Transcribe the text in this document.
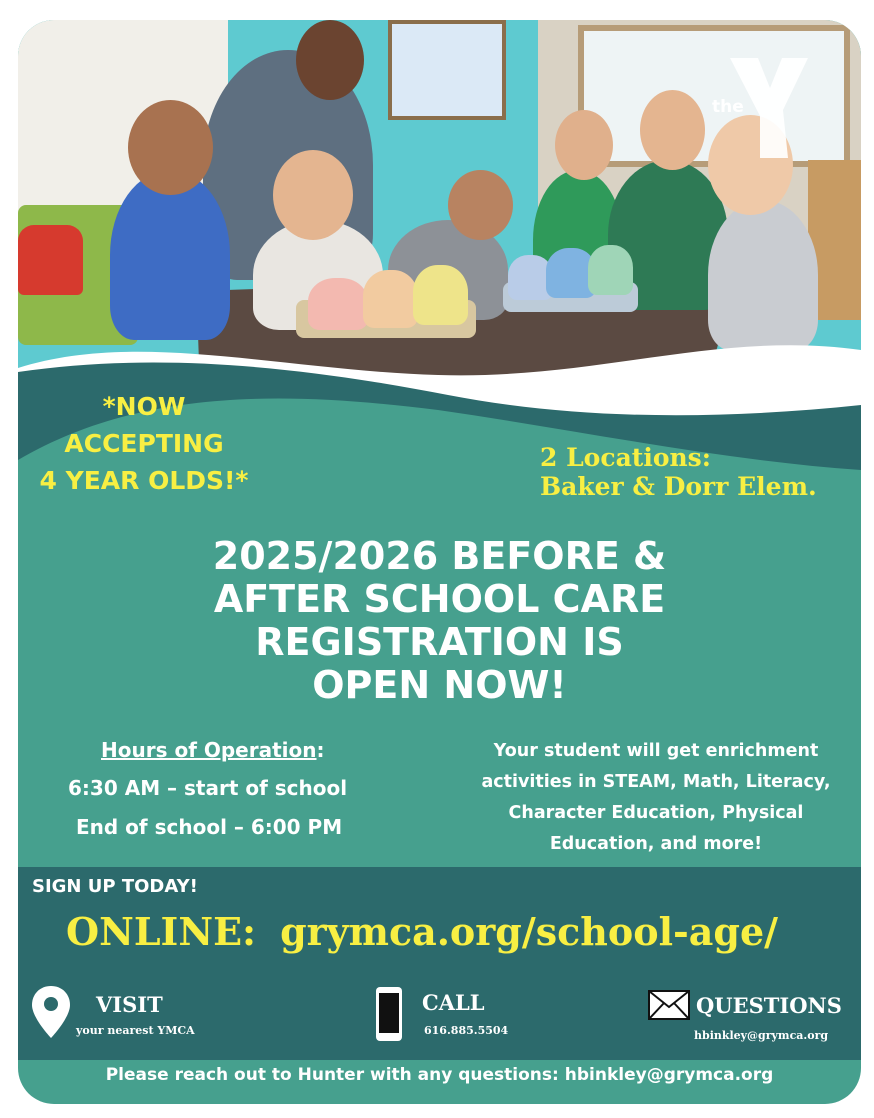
the
*NOW
ACCEPTING
4 YEAR OLDS!*
2 Locations:
Baker & Dorr Elem.
2025/2026 BEFORE &
AFTER SCHOOL CARE
REGISTRATION IS
OPEN NOW!
Hours of Operation:
6:30 AM – start of school
End of school – 6:00 PM
Your student will get enrichment
activities in STEAM, Math, Literacy,
Character Education, Physical
Education, and more!
SIGN UP TODAY!
ONLINE: grymca.org/school-age/
VISIT
your nearest YMCA
CALL
616.885.5504
QUESTIONS
hbinkley@grymca.org
Please reach out to Hunter with any questions: hbinkley@grymca.org
